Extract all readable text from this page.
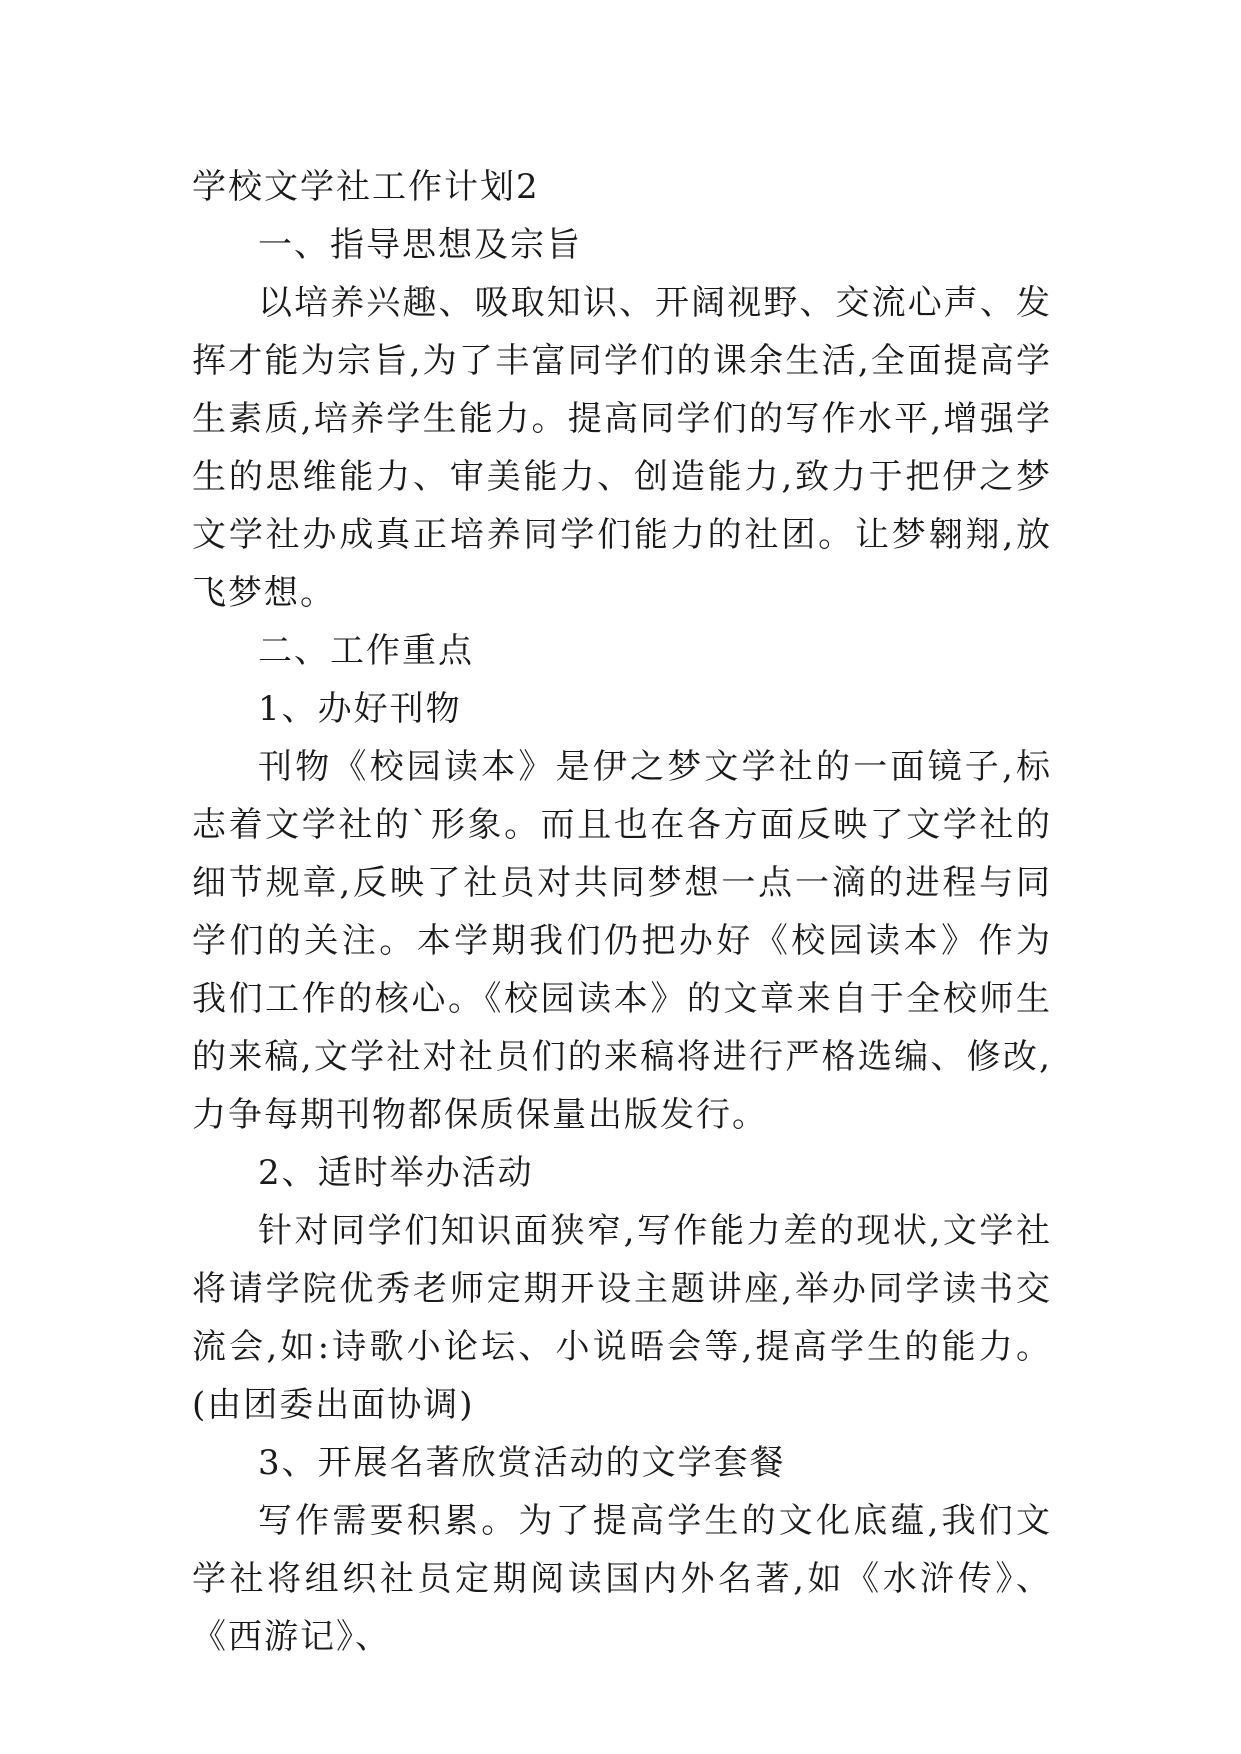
学校文学社工作计划2

一、指导思想及宗旨

以培养兴趣、吸取知识、开阔视野、交流心声、发挥才能为宗旨,为了丰富同学们的课余生活,全面提高学生素质,培养学生能力。提高同学们的写作水平,增强学生的思维能力、审美能力、创造能力,致力于把伊之梦文学社办成真正培养同学们能力的社团。让梦翱翔,放飞梦想。

二、工作重点

1、办好刊物

刊物《校园读本》是伊之梦文学社的一面镜子,标志着文学社的`形象。而且也在各方面反映了文学社的细节规章,反映了社员对共同梦想一点一滴的进程与同学们的关注。本学期我们仍把办好《校园读本》作为我们工作的核心。《校园读本》的文章来自于全校师生的来稿,文学社对社员们的来稿将进行严格选编、修改,力争每期刊物都保质保量出版发行。

2、适时举办活动

针对同学们知识面狭窄,写作能力差的现状,文学社将请学院优秀老师定期开设主题讲座,举办同学读书交流会,如:诗歌小论坛、小说晤会等,提高学生的能力。(由团委出面协调)

3、开展名著欣赏活动的文学套餐

写作需要积累。为了提高学生的文化底蕴,我们文学社将组织社员定期阅读国内外名著,如《水浒传》、《西游记》、
